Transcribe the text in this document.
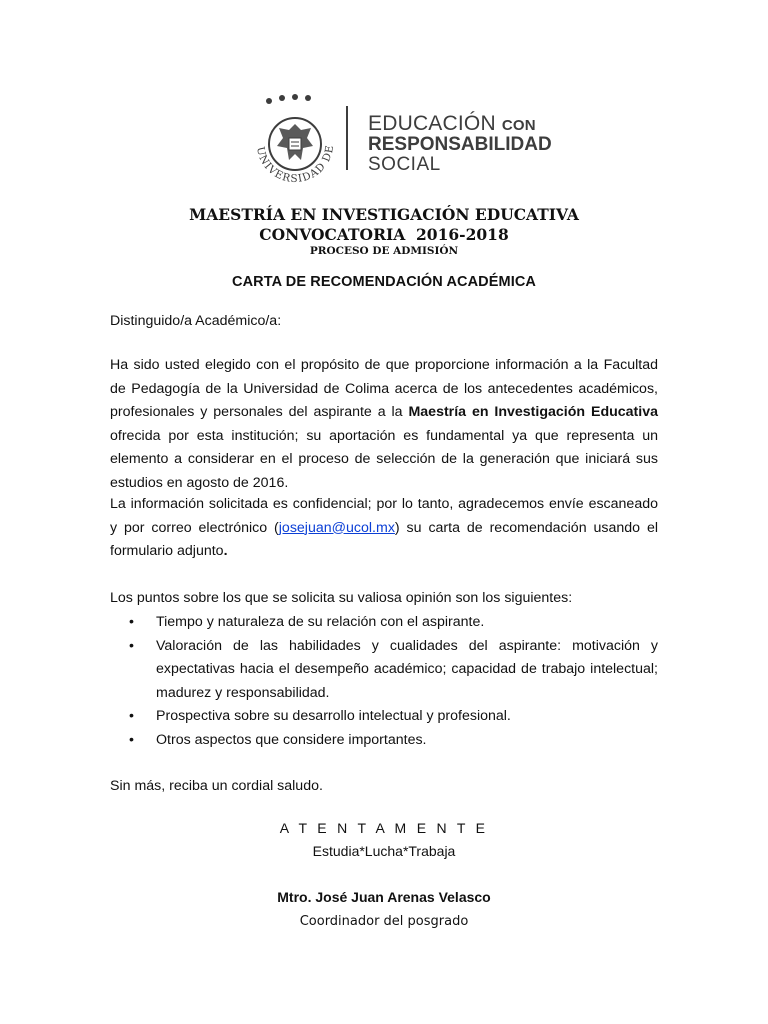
UNIVERSIDAD DE
EDUCACIÓN CON
RESPONSABILIDAD
SOCIAL
MAESTRÍA EN INVESTIGACIÓN EDUCATIVA
CONVOCATORIA  2016-2018
PROCESO DE ADMISIÓN
CARTA DE RECOMENDACIÓN ACADÉMICA
Distinguido/a Académico/a:
Ha sido usted elegido con el propósito de que proporcione información a la Facultad de Pedagogía de la Universidad de Colima acerca de los antecedentes académicos, profesionales y personales del aspirante a la Maestría en Investigación Educativa ofrecida por esta institución; su aportación es fundamental ya que representa un elemento a considerar en el proceso de selección de la generación que iniciará sus estudios en agosto de 2016.
La información solicitada es confidencial; por lo tanto, agradecemos envíe escaneado y por correo electrónico (josejuan@ucol.mx) su carta de recomendación usando el formulario adjunto.
Los puntos sobre los que se solicita su valiosa opinión son los siguientes:
• Tiempo y naturaleza de su relación con el aspirante.
• Valoración de las habilidades y cualidades del aspirante: motivación y expectativas hacia el desempeño académico; capacidad de trabajo intelectual; madurez y responsabilidad.
• Prospectiva sobre su desarrollo intelectual y profesional.
• Otros aspectos que considere importantes.
Sin más, reciba un cordial saludo.
A T E N T A M E N T E
Estudia*Lucha*Trabaja
Mtro. José Juan Arenas Velasco
Coordinador del posgrado
